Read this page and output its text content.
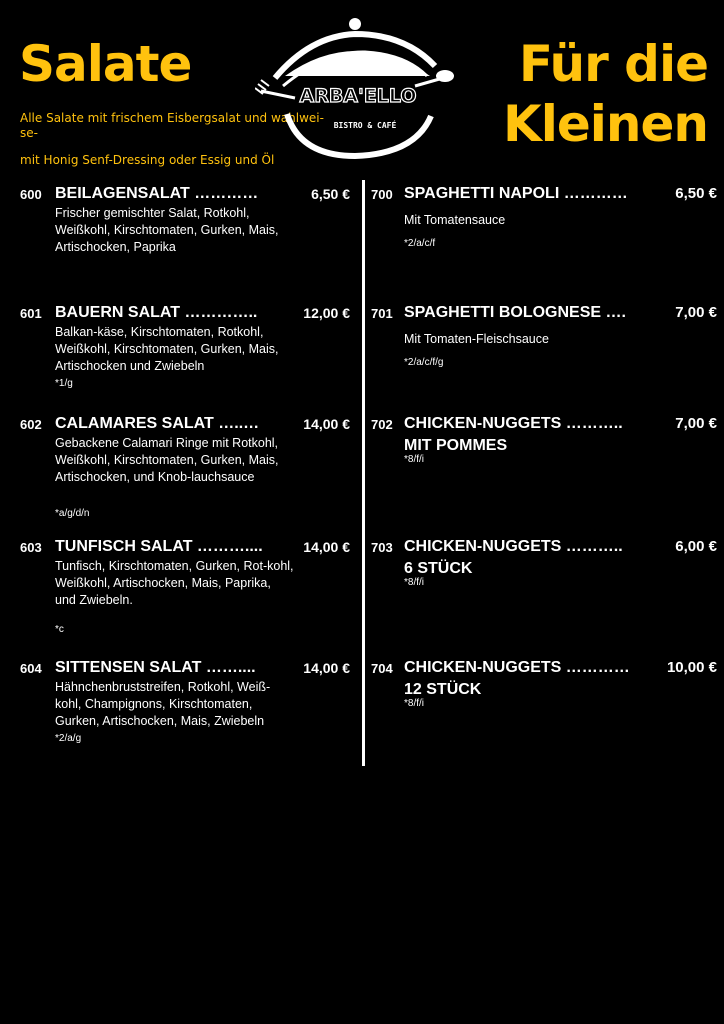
Salate	Für die
Kleinen

Alle Salate mit frischem Eisbergsalat und wahlwei-se-

mit Honig Senf-Dressing oder Essig und Öl

ARBA'ELLO
BISTRO & CAFÉ
600 BEILAGENSALAT …………	6,50 €
Frischer gemischter Salat, Rotkohl, Weißkohl, Kirschtomaten, Gurken, Mais, Artischocken, Paprika
601 BAUERN SALAT …………..	12,00 €
Balkan-käse, Kirschtomaten, Rotkohl, Weißkohl, Kirschtomaten, Gurken, Mais, Artischocken und Zwiebeln
*1/g
602 CALAMARES SALAT …..…	14,00 €
Gebackene Calamari Ringe mit Rotkohl, Weißkohl, Kirschtomaten, Gurken, Mais, Artischocken, und Knob-lauchsauce
*a/g/d/n
603 TUNFISCH SALAT ………....	14,00 €
Tunfisch, Kirschtomaten, Gurken, Rot-kohl, Weißkohl, Artischocken, Mais, Paprika, und Zwiebeln.
*c
604 SITTENSEN SALAT ……....	14,00 €
Hähnchenbruststreifen, Rotkohl, Weiß-kohl, Champignons, Kirschtomaten, Gurken, Artischocken, Mais, Zwiebeln
*2/a/g
700 SPAGHETTI NAPOLI …………	6,50 €
Mit Tomatensauce
*2/a/c/f
701 SPAGHETTI BOLOGNESE ….	7,00 €
Mit Tomaten-Fleischsauce
*2/a/c/f/g
702 CHICKEN-NUGGETS ………..
MIT POMMES
7,00 €
*8/f/i
703 CHICKEN-NUGGETS ………..
6 STÜCK
6,00 €
*8/f/i
704 CHICKEN-NUGGETS …………
12 STÜCK
10,00 €
*8/f/i
